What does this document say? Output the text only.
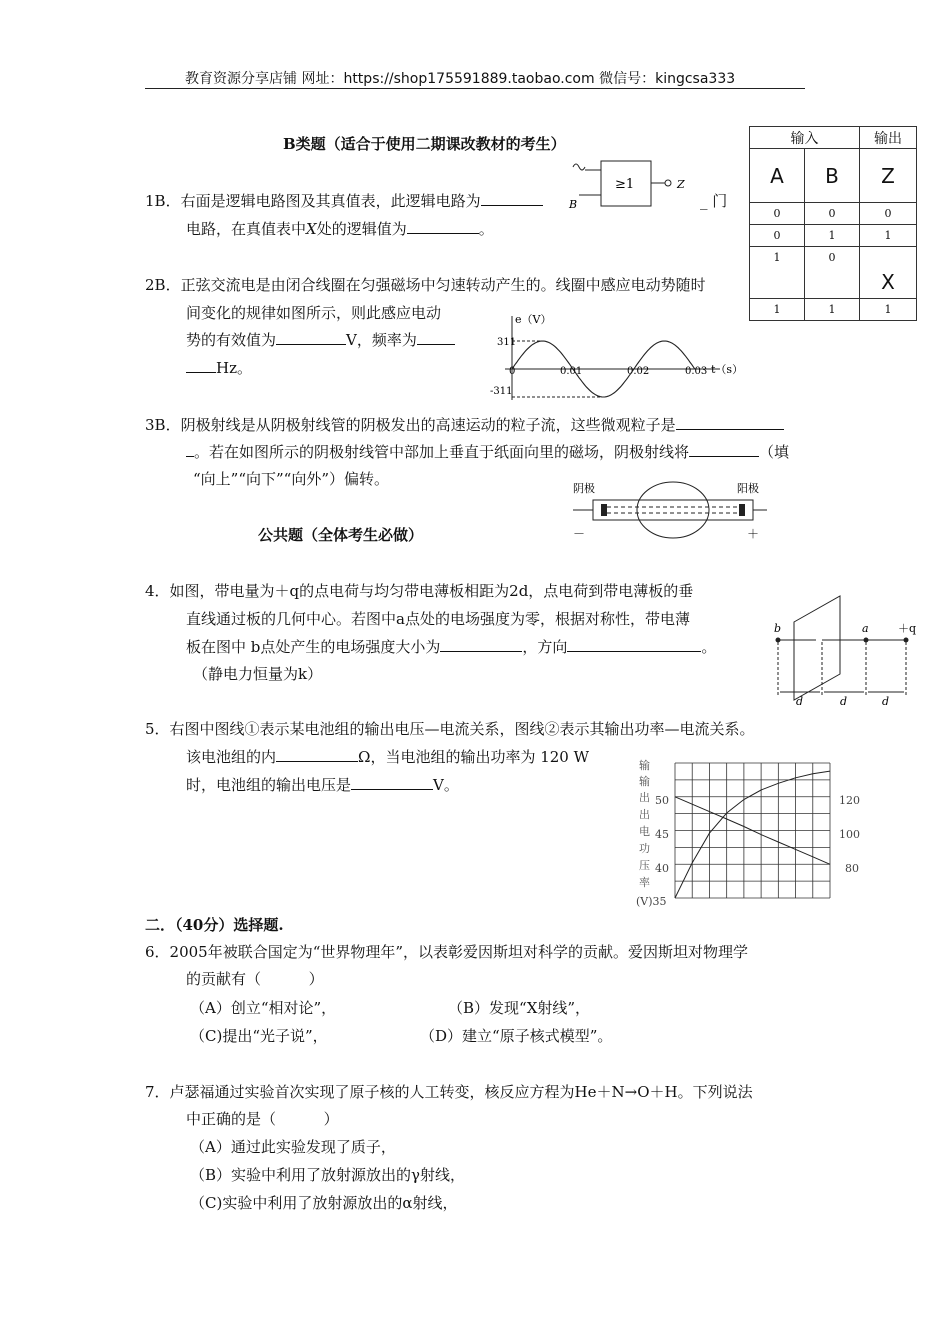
教育资源分享店铺 网址：https://shop175591889.taobao.com 微信号：kingcsa333
B类题（适合于使用二期课改教材的考生）
1B．右面是逻辑电路图及其真值表，此逻辑电路为	_ 门
电路，在真值表中X处的逻辑值为	。
≥1	Z
B
输入		输出
A	B	Z
0	0	0
0	1	1
1	0	X
1	1	1
2B．正弦交流电是由闭合线圈在匀强磁场中匀速转动产生的。线圈中感应电动势随时
间变化的规律如图所示，则此感应电动
势的有效值为	V，频率为
Hz。
e（V）
t（s）
311
-311
0	0.01	0.02	0.03
3B．阴极射线是从阴极射线管的阴极发出的高速运动的粒子流，这些微观粒子是
。若在如图所示的阴极射线管中部加上垂直于纸面向里的磁场，阴极射线将	（填
“向上”“向下”“向外”）偏转。
阴极	阳极
－	＋
公共题（全体考生必做）
4．如图，带电量为＋q的点电荷与均匀带电薄板相距为2d，点电荷到带电薄板的垂
直线通过板的几何中心。若图中a点处的电场强度为零，根据对称性，带电薄
板在图中 b点处产生的电场强度大小为	，方向	。
（静电力恒量为k）
b	a	＋q
d	d	d
5．右图中图线①表示某电池组的输出电压—电流关系，图线②表示其输出功率—电流关系。
该电池组的内	Ω，当电池组的输出功率为 120 W
时，电池组的输出电压是	V。
输
输
出
出
电
功
压
率
50
45
40
(V)35
120
100
80
二．（40分）选择题.
6．2005年被联合国定为“世界物理年”，以表彰爱因斯坦对科学的贡献。爱因斯坦对物理学
的贡献有（          ）
（A）创立“相对论”，	（B）发现“X射线”，
（C)提出“光子说”，	（D）建立“原子核式模型”。
7．卢瑟福通过实验首次实现了原子核的人工转变，核反应方程为He＋N→O＋H。下列说法
中正确的是（          ）
（A）通过此实验发现了质子，
（B）实验中利用了放射源放出的γ射线，
（C)实验中利用了放射源放出的α射线，
